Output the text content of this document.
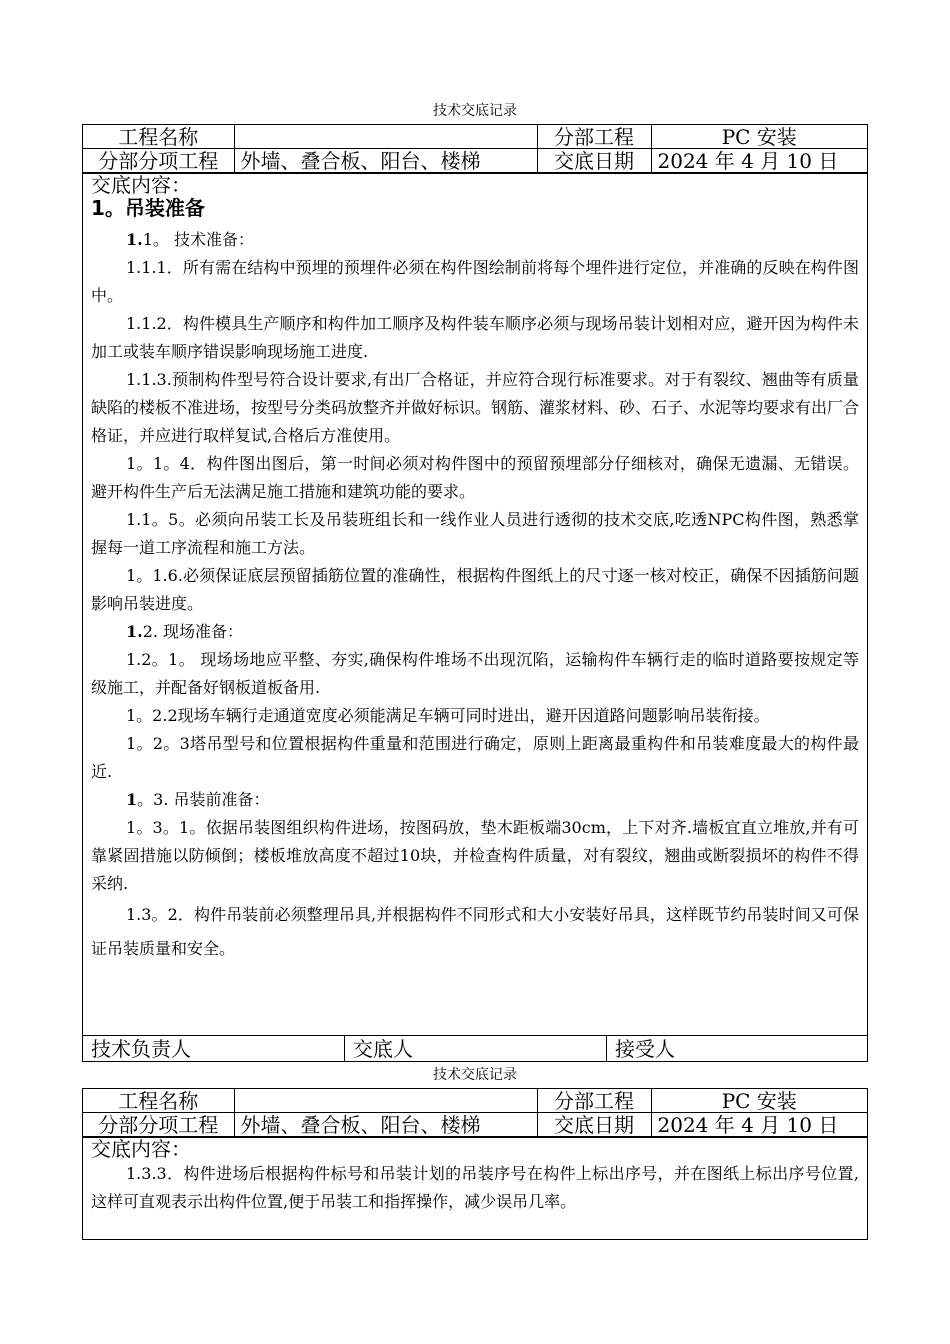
技术交底记录
工程名称		分部工程	PC 安装
分部分项工程	外墙、叠合板、阳台、楼梯	交底日期	2024 年 4 月 10 日
交底内容：
1。吊装准备
1.1。 技术准备：

1.1.1．所有需在结构中预埋的预埋件必须在构件图绘制前将每个埋件进行定位，并准确的反映在构件图中。

1.1.2．构件模具生产顺序和构件加工顺序及构件装车顺序必须与现场吊装计划相对应，避开因为构件未加工或装车顺序错误影响现场施工进度.

1.1.3.预制构件型号符合设计要求,有出厂合格证，并应符合现行标准要求。对于有裂纹、翘曲等有质量缺陷的楼板不准进场，按型号分类码放整齐并做好标识。钢筋、灌浆材料、砂、石子、水泥等均要求有出厂合格证，并应进行取样复试,合格后方准使用。

1。1。4．构件图出图后，第一时间必须对构件图中的预留预埋部分仔细核对，确保无遗漏、无错误。避开构件生产后无法满足施工措施和建筑功能的要求。

1.1。5。必须向吊装工长及吊装班组长和一线作业人员进行透彻的技术交底,吃透NPC构件图，熟悉掌握每一道工序流程和施工方法。

1。1.6.必须保证底层预留插筋位置的准确性，根据构件图纸上的尺寸逐一核对校正，确保不因插筋问题影响吊装进度。

1.2. 现场准备：

1.2。1。 现场场地应平整、夯实,确保构件堆场不出现沉陷，运输构件车辆行走的临时道路要按规定等级施工，并配备好钢板道板备用.

1。2.2现场车辆行走通道宽度必须能满足车辆可同时进出，避开因道路问题影响吊装衔接。

1。2。3塔吊型号和位置根据构件重量和范围进行确定，原则上距离最重构件和吊装难度最大的构件最近.

1。3. 吊装前准备：

1。3。1。依据吊装图组织构件进场，按图码放，垫木距板端30cm，上下对齐.墙板宜直立堆放,并有可靠紧固措施以防倾倒；楼板堆放高度不超过10块，并检查构件质量，对有裂纹，翘曲或断裂损坏的构件不得采纳.

1.3。2．构件吊装前必须整理吊具,并根据构件不同形式和大小安装好吊具，这样既节约吊装时间又可保证吊装质量和安全。

技术负责人	交底人	接受人
技术交底记录
工程名称		分部工程	PC 安装
分部分项工程	外墙、叠合板、阳台、楼梯	交底日期	2024 年 4 月 10 日
交底内容：

1.3.3．构件进场后根据构件标号和吊装计划的吊装序号在构件上标出序号，并在图纸上标出序号位置,这样可直观表示出构件位置,便于吊装工和指挥操作，减少误吊几率。
